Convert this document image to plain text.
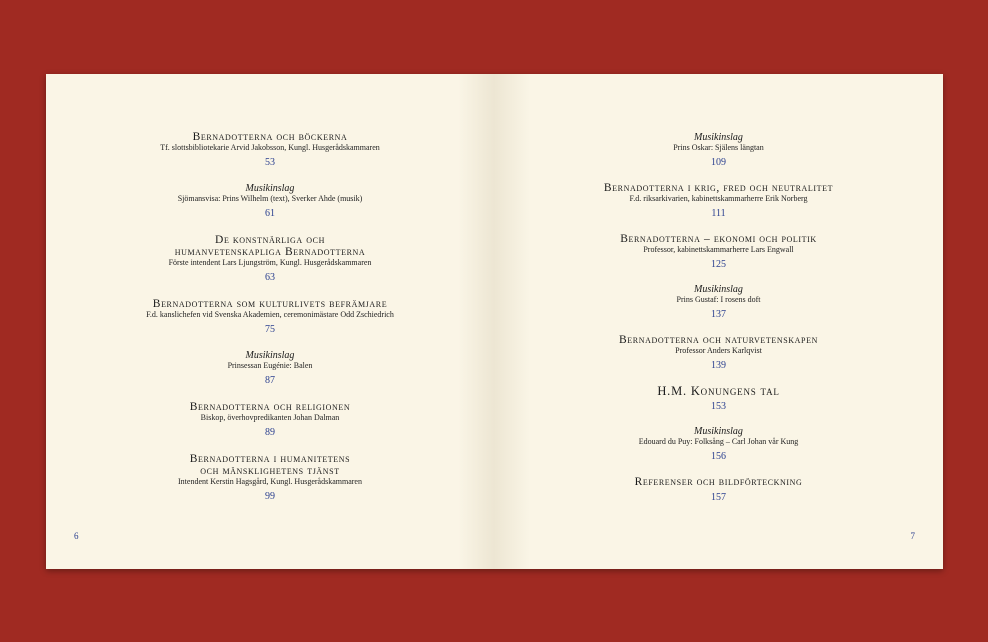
Bernadotterna och böckerna
Tf. slottsbibliotekarie Arvid Jakobsson, Kungl. Husgerådskammaren
53
Musikinslag
Sjömansvisa: Prins Wilhelm (text), Sverker Ahde (musik)
61
De konstnärliga och
humanvetenskapliga Bernadotterna
Förste intendent Lars Ljungström, Kungl. Husgerådskammaren
63
Bernadotterna som kulturlivets befrämjare
F.d. kanslichefen vid Svenska Akademien, ceremonimästare Odd Zschiedrich
75
Musikinslag
Prinsessan Eugénie: Balen
87
Bernadotterna och religionen
Biskop, överhovpredikanten Johan Dalman
89
Bernadotterna i humanitetens
och mänsklighetens tjänst
Intendent Kerstin Hagsgård, Kungl. Husgerådskammaren
99
6
Musikinslag
Prins Oskar: Själens längtan
109
Bernadotterna i krig, fred och neutralitet
F.d. riksarkivarien, kabinettskammarherre Erik Norberg
111
Bernadotterna – ekonomi och politik
Professor, kabinettskammarherre Lars Engwall
125
Musikinslag
Prins Gustaf: I rosens doft
137
Bernadotterna och naturvetenskapen
Professor Anders Karlqvist
139
H.M. Konungens tal
153
Musikinslag
Edouard du Puy: Folksång – Carl Johan vår Kung
156
Referenser och bildförteckning
157
7
